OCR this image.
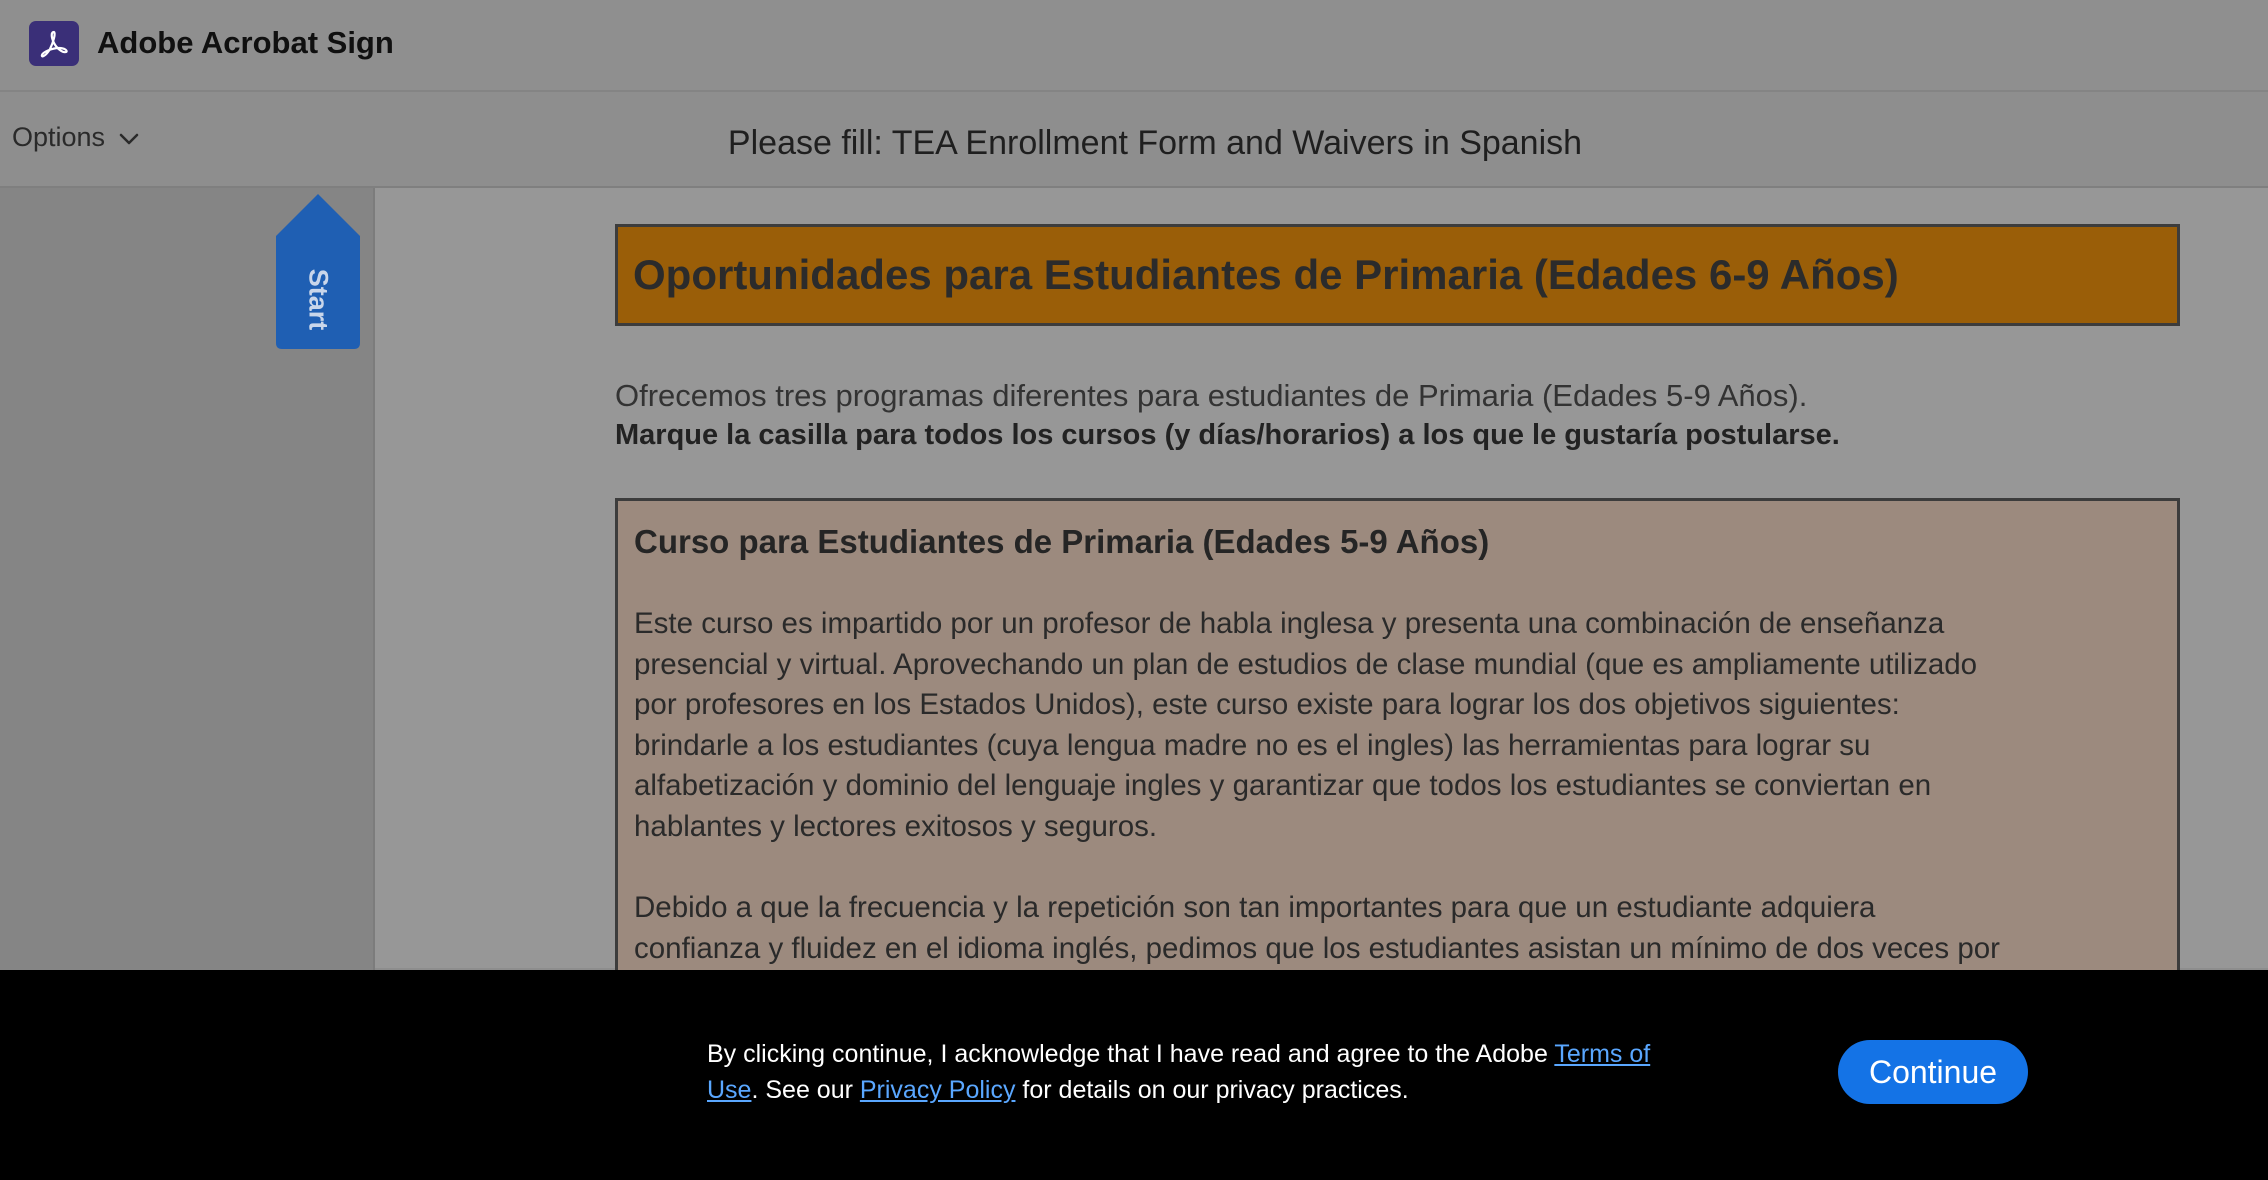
Adobe Acrobat Sign
Options	Please fill: TEA Enrollment Form and Waivers in Spanish
Start	Oportunidades para Estudiantes de Primaria (Edades 6-9 Años)
Ofrecemos tres programas diferentes para estudiantes de Primaria (Edades 5-9 Años).
Marque la casilla para todos los cursos (y días/horarios) a los que le gustaría postularse.
Curso para Estudiantes de Primaria (Edades 5-9 Años)

Este curso es impartido por un profesor de habla inglesa y presenta una combinación de enseñanza
presencial y virtual. Aprovechando un plan de estudios de clase mundial (que es ampliamente utilizado
por profesores en los Estados Unidos), este curso existe para lograr los dos objetivos siguientes:
brindarle a los estudiantes (cuya lengua madre no es el ingles) las herramientas para lograr su
alfabetización y dominio del lenguaje ingles y garantizar que todos los estudiantes se conviertan en
hablantes y lectores exitosos y seguros.

Debido a que la frecuencia y la repetición son tan importantes para que un estudiante adquiera
confianza y fluidez en el idioma inglés, pedimos que los estudiantes asistan un mínimo de dos veces por

By clicking continue, I acknowledge that I have read and agree to the Adobe Terms of Use. See our Privacy Policy for details on our privacy practices.
Continue
